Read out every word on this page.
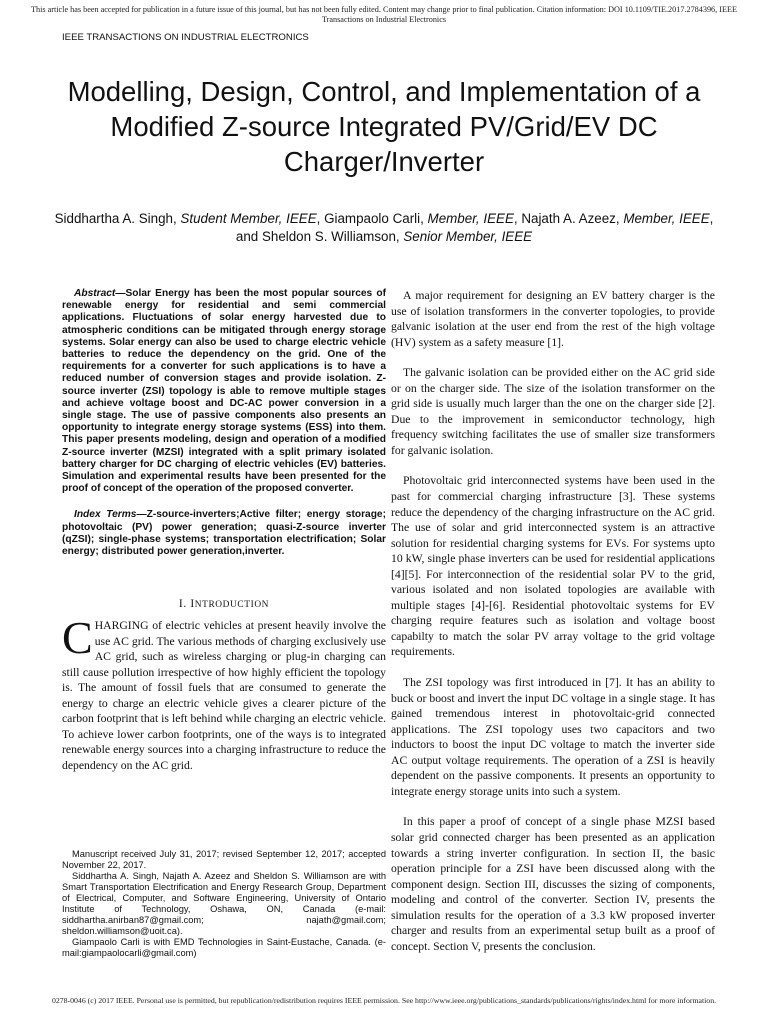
This article has been accepted for publication in a future issue of this journal, but has not been fully edited. Content may change prior to final publication. Citation information: DOI 10.1109/TIE.2017.2784396, IEEE Transactions on Industrial Electronics
IEEE TRANSACTIONS ON INDUSTRIAL ELECTRONICS
Modelling, Design, Control, and Implementation of a Modified Z-source Integrated PV/Grid/EV DC Charger/Inverter
Siddhartha A. Singh, Student Member, IEEE, Giampaolo Carli, Member, IEEE, Najath A. Azeez, Member, IEEE, and Sheldon S. Williamson, Senior Member, IEEE

Abstract—Solar Energy has been the most popular sources of renewable energy for residential and semi commercial applications. Fluctuations of solar energy harvested due to atmospheric conditions can be mitigated through energy storage systems. Solar energy can also be used to charge electric vehicle batteries to reduce the dependency on the grid. One of the requirements for a converter for such applications is to have a reduced number of conversion stages and provide isolation. Z-source inverter (ZSI) topology is able to remove multiple stages and achieve voltage boost and DC-AC power conversion in a single stage. The use of passive components also presents an opportunity to integrate energy storage systems (ESS) into them. This paper presents modeling, design and operation of a modified Z-source inverter (MZSI) integrated with a split primary isolated battery charger for DC charging of electric vehicles (EV) batteries. Simulation and experimental results have been presented for the proof of concept of the operation of the proposed converter.

Index Terms—Z-source-inverters;Active filter; energy storage; photovoltaic (PV) power generation; quasi-Z-source inverter (qZSI); single-phase systems; transportation electrification; Solar energy; distributed power generation,inverter.

I. INTRODUCTION

CHARGING of electric vehicles at present heavily involve the use AC grid. The various methods of charging exclusively use AC grid, such as wireless charging or plug-in charging can still cause pollution irrespective of how highly efficient the topology is. The amount of fossil fuels that are consumed to generate the energy to charge an electric vehicle gives a clearer picture of the carbon footprint that is left behind while charging an electric vehicle. To achieve lower carbon footprints, one of the ways is to integrated renewable energy sources into a charging infrastructure to reduce the dependency on the AC grid.

Manuscript received July 31, 2017; revised September 12, 2017; accepted November 22, 2017.

Siddhartha A. Singh, Najath A. Azeez and Sheldon S. Williamson are with Smart Transportation Electrification and Energy Research Group, Department of Electrical, Computer, and Software Engineering, University of Ontario Institute of Technology, Oshawa, ON, Canada (e-mail: siddhartha.anirban87@gmail.com; najath@gmail.com; sheldon.williamson@uoit.ca).

Giampaolo Carli is with EMD Technologies in Saint-Eustache, Canada. (e-mail:giampaolocarli@gmail.com)

A major requirement for designing an EV battery charger is the use of isolation transformers in the converter topologies, to provide galvanic isolation at the user end from the rest of the high voltage (HV) system as a safety measure [1].

The galvanic isolation can be provided either on the AC grid side or on the charger side. The size of the isolation transformer on the grid side is usually much larger than the one on the charger side [2]. Due to the improvement in semiconductor technology, high frequency switching facilitates the use of smaller size transformers for galvanic isolation.

Photovoltaic grid interconnected systems have been used in the past for commercial charging infrastructure [3]. These systems reduce the dependency of the charging infrastructure on the AC grid. The use of solar and grid interconnected system is an attractive solution for residential charging systems for EVs. For systems upto 10 kW, single phase inverters can be used for residential applications [4][5]. For interconnection of the residential solar PV to the grid, various isolated and non isolated topologies are available with multiple stages [4]-[6]. Residential photovoltaic systems for EV charging require features such as isolation and voltage boost capabilty to match the solar PV array voltage to the grid voltage requirements.

The ZSI topology was first introduced in [7]. It has an ability to buck or boost and invert the input DC voltage in a single stage. It has gained tremendous interest in photovoltaic-grid connected applications. The ZSI topology uses two capacitors and two inductors to boost the input DC voltage to match the inverter side AC output voltage requirements. The operation of a ZSI is heavily dependent on the passive components. It presents an opportunity to integrate energy storage units into such a system.

In this paper a proof of concept of a single phase MZSI based solar grid connected charger has been presented as an application towards a string inverter configuration. In section II, the basic operation principle for a ZSI have been discussed along with the component design. Section III, discusses the sizing of components, modeling and control of the converter. Section IV, presents the simulation results for the operation of a 3.3 kW proposed inverter charger and results from an experimental setup built as a proof of concept. Section V, presents the conclusion.

0278-0046 (c) 2017 IEEE. Personal use is permitted, but republication/redistribution requires IEEE permission. See http://www.ieee.org/publications_standards/publications/rights/index.html for more information.
